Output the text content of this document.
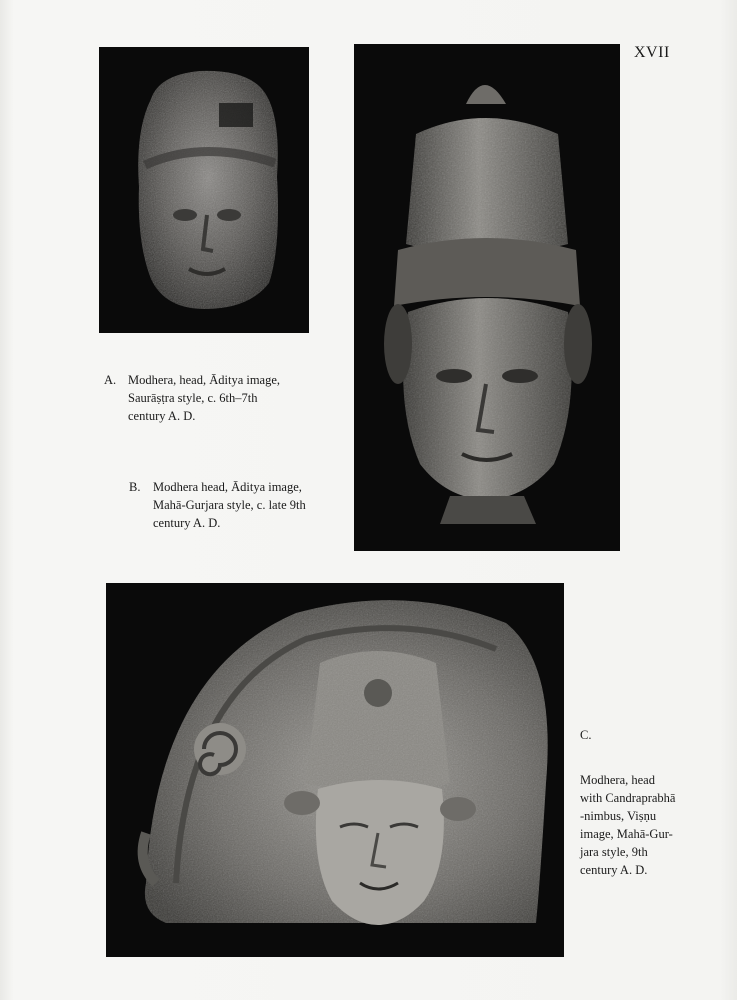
XVII

A. Modhera, head, Āditya image,
Saurāṣṭra style, c. 6th–7th
century A. D.

B. Modhera head, Āditya image,
Mahā-Gurjara style, c. late 9th
century A. D.

C.

Modhera, head
with Candraprabhā
-nimbus, Viṣṇu
image, Mahā-Gur-
jara style, 9th
century A. D.
